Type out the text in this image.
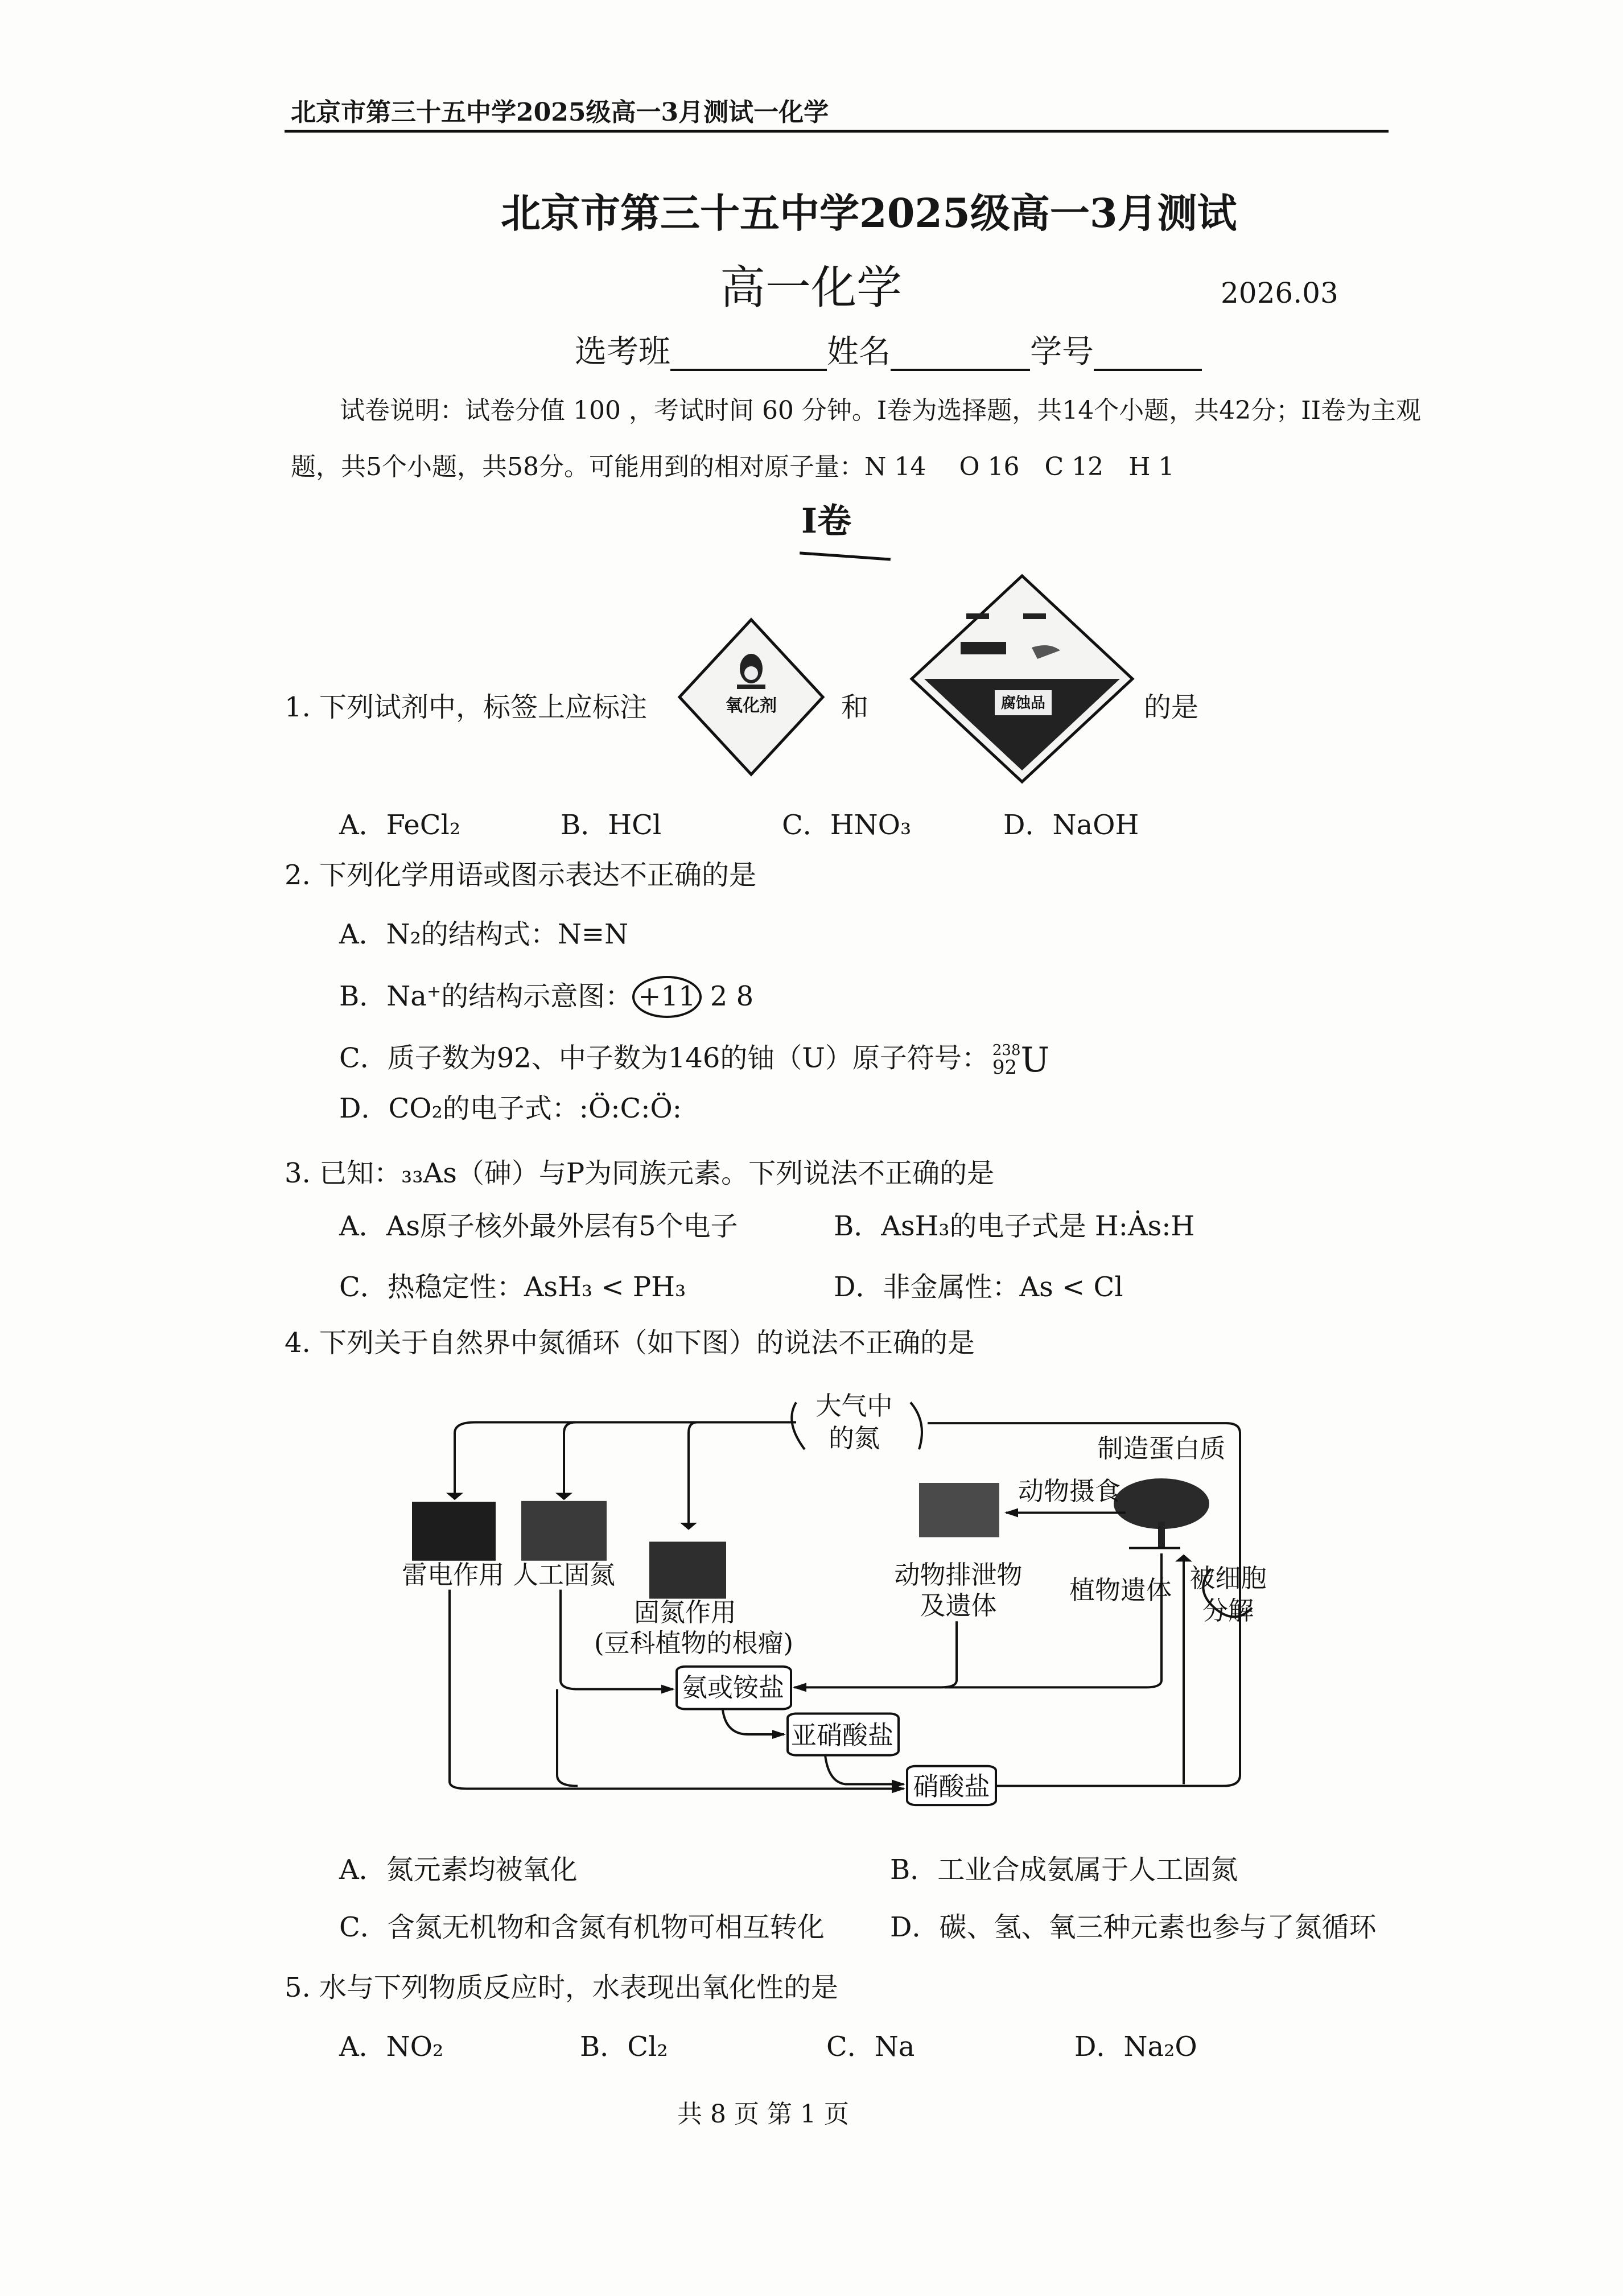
北京市第三十五中学2025级高一3月测试一化学
北京市第三十五中学2025级高一3月测试
高一化学	2026.03
选考班	姓名	学号
试卷说明：试卷分值 100 ，考试时间 60 分钟。I卷为选择题，共14个小题，共42分；II卷为主观
题，共5个小题，共58分。可能用到的相对原子量：N 14　 O 16　C 12　H 1
I卷
1. 下列试剂中，标签上应标注	氧化剂 和	腐蚀品	的是
A．FeCl₂	B．HCl	C．HNO₃	D．NaOH
2. 下列化学用语或图示表达不正确的是
A．N₂的结构式：N≡N
B．Na⁺的结构示意图： +11 2 8
C．质子数为92、中子数为146的铀（U）原子符号： 238
92 U
D．CO₂的电子式：:Ö:C:Ö:
3. 已知：₃₃As（砷）与P为同族元素。下列说法不正确的是
A．As原子核外最外层有5个电子	B．AsH₃的电子式是 H:Ȧs:H
C．热稳定性：AsH₃ < PH₃	D．非金属性：As < Cl
4. 下列关于自然界中氮循环（如下图）的说法不正确的是
大气中
的氮
雷电作用 人工固氮
固氮作用
(豆科植物的根瘤)
制造蛋白质
动物摄食
动物排泄物
及遗体
植物遗体 被细胞
分解
氨或铵盐
亚硝酸盐
硝酸盐
A．氮元素均被氧化	B．工业合成氨属于人工固氮
C．含氮无机物和含氮有机物可相互转化 D．碳、氢、氧三种元素也参与了氮循环
5. 水与下列物质反应时，水表现出氧化性的是
A．NO₂	B．Cl₂	C．Na	D．Na₂O
共 8 页 第 1 页
